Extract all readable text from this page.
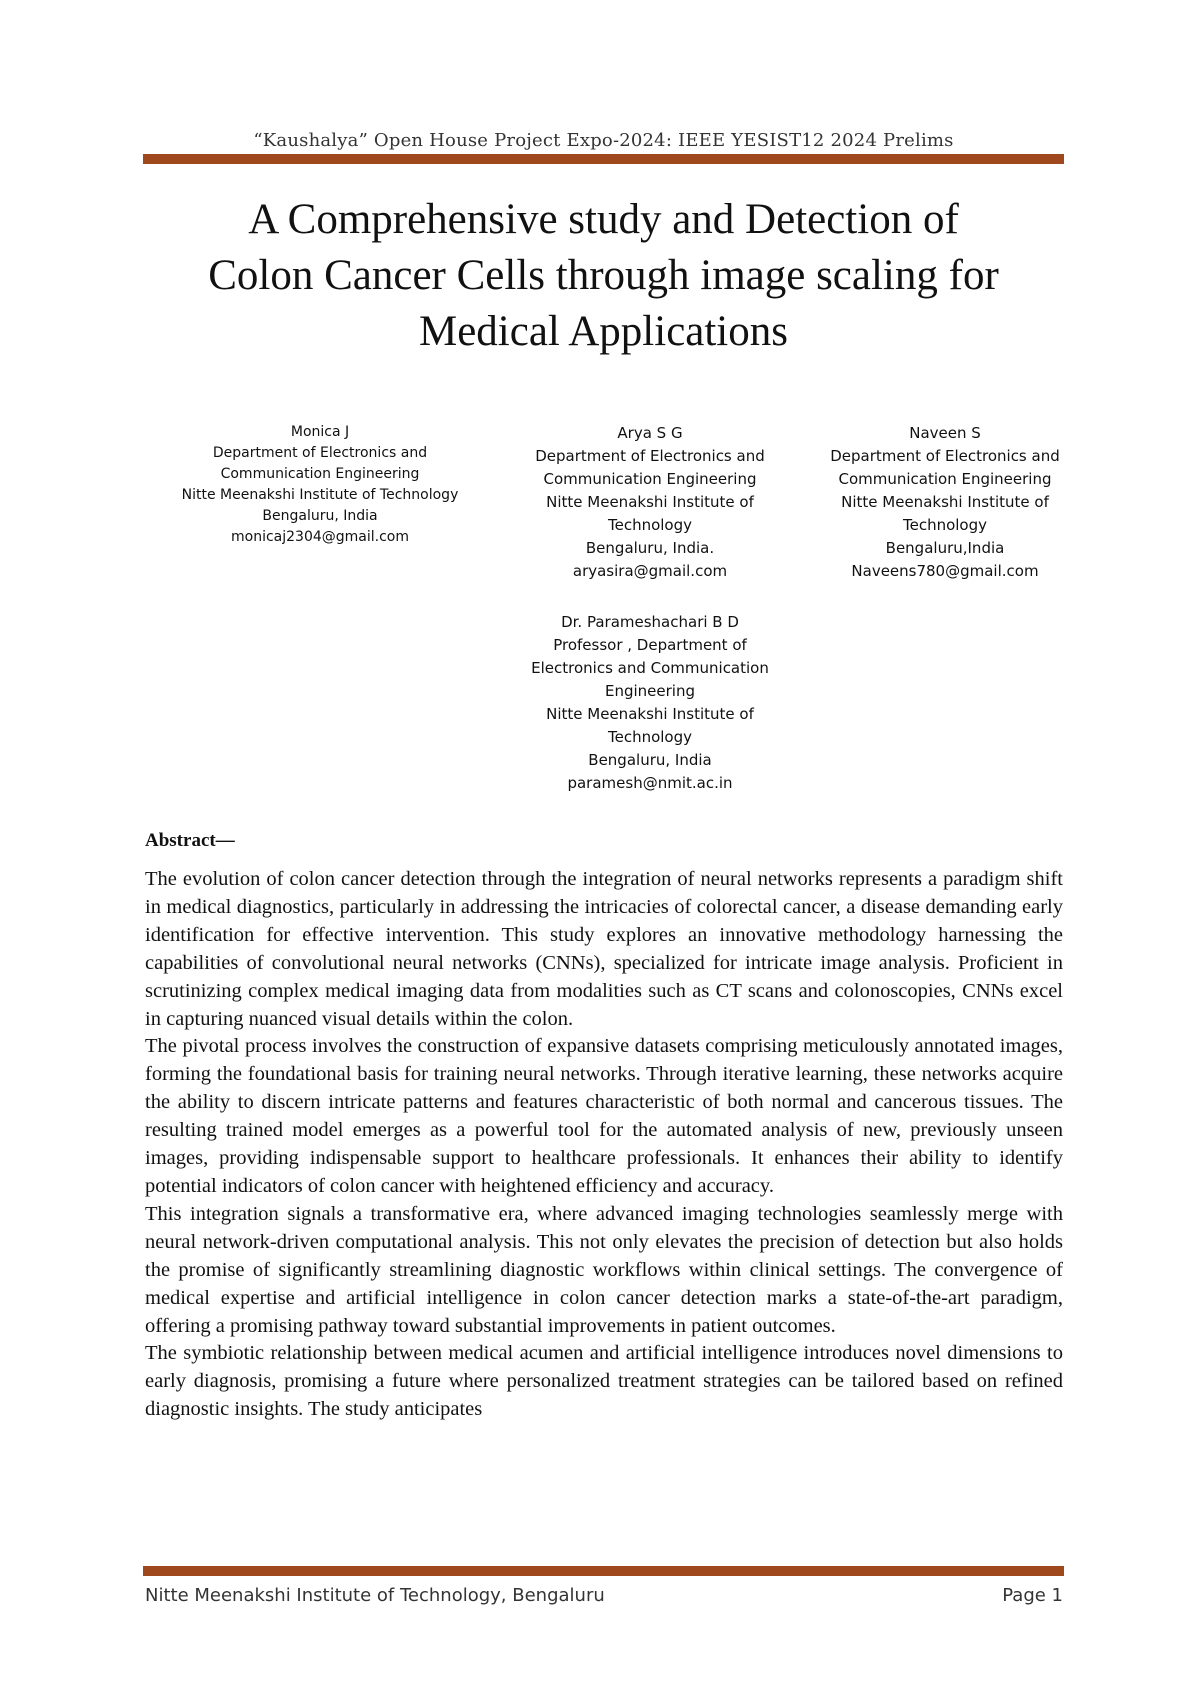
“Kaushalya” Open House Project Expo-2024: IEEE YESIST12 2024 Prelims
A Comprehensive study and Detection of
Colon Cancer Cells through image scaling for
Medical Applications
Monica J
Department of Electronics and
Communication Engineering
Nitte Meenakshi Institute of Technology
Bengaluru, India
monicaj2304@gmail.com
Arya S G
Department of Electronics and
Communication Engineering
Nitte Meenakshi Institute of
Technology
Bengaluru, India.
aryasira@gmail.com
Naveen S
Department of Electronics and
Communication Engineering
Nitte Meenakshi Institute of
Technology
Bengaluru,India
Naveens780@gmail.com
Dr. Parameshachari B D
Professor , Department of
Electronics and Communication
Engineering
Nitte Meenakshi Institute of
Technology
Bengaluru, India
paramesh@nmit.ac.in
Abstract—

The evolution of colon cancer detection through the integration of neural networks represents a paradigm shift in medical diagnostics, particularly in addressing the intricacies of colorectal cancer, a disease demanding early identification for effective intervention. This study explores an innovative methodology harnessing the capabilities of convolutional neural networks (CNNs), specialized for intricate image analysis. Proficient in scrutinizing complex medical imaging data from modalities such as CT scans and colonoscopies, CNNs excel in capturing nuanced visual details within the colon.

The pivotal process involves the construction of expansive datasets comprising meticulously annotated images, forming the foundational basis for training neural networks. Through iterative learning, these networks acquire the ability to discern intricate patterns and features characteristic of both normal and cancerous tissues. The resulting trained model emerges as a powerful tool for the automated analysis of new, previously unseen images, providing indispensable support to healthcare professionals. It enhances their ability to identify potential indicators of colon cancer with heightened efficiency and accuracy.

This integration signals a transformative era, where advanced imaging technologies seamlessly merge with neural network-driven computational analysis. This not only elevates the precision of detection but also holds the promise of significantly streamlining diagnostic workflows within clinical settings. The convergence of medical expertise and artificial intelligence in colon cancer detection marks a state-of-the-art paradigm, offering a promising pathway toward substantial improvements in patient outcomes.

The symbiotic relationship between medical acumen and artificial intelligence introduces novel dimensions to early diagnosis, promising a future where personalized treatment strategies can be tailored based on refined diagnostic insights. The study anticipates

Nitte Meenakshi Institute of Technology, Bengaluru	Page 1
